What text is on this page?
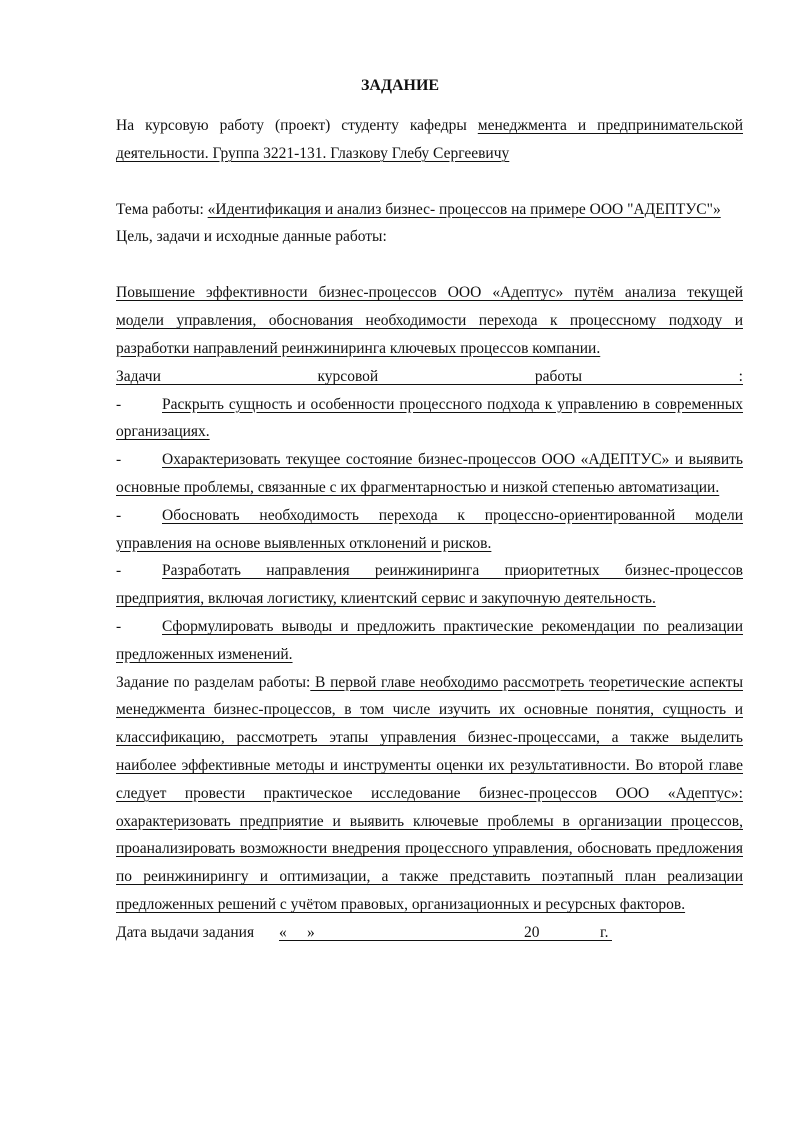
ЗАДАНИЕ

На курсовую работу (проект) студенту кафедры менеджмента и предпринимательской деятельности. Группа 3221-131. Глазкову Глебу Сергеевичу

Тема работы: «Идентификация и анализ бизнес- процессов на примере ООО "АДЕПТУС"»

Цель, задачи и исходные данные работы:

Повышение эффективности бизнес-процессов ООО «Адептус» путём анализа текущей модели управления, обоснования необходимости перехода к процессному подходу и разработки направлений реинжиниринга ключевых процессов компании.

Задачи	курсовой	работы	:

-	Раскрыть сущность и особенности процессного подхода к управлению в современных организациях.

-	Охарактеризовать текущее состояние бизнес-процессов ООО «АДЕПТУС» и выявить основные проблемы, связанные с их фрагментарностью и низкой степенью автоматизации.

-	Обосновать необходимость перехода к процессно-ориентированной модели управления на основе выявленных отклонений и рисков.

-	Разработать направления реинжиниринга приоритетных бизнес-процессов предприятия, включая логистику, клиентский сервис и закупочную деятельность.

-	Сформулировать выводы и предложить практические рекомендации по реализации предложенных изменений.

Задание по разделам работы: В первой главе необходимо рассмотреть теоретические аспекты менеджмента бизнес-процессов, в том числе изучить их основные понятия, сущность и классификацию, рассмотреть этапы управления бизнес-процессами, а также выделить наиболее эффективные методы и инструменты оценки их результативности. Во второй главе следует провести практическое исследование бизнес-процессов ООО «Адептус»: охарактеризовать предприятие и выявить ключевые проблемы в организации процессов, проанализировать возможности внедрения процессного управления, обосновать предложения по реинжинирингу и оптимизации, а также представить поэтапный план реализации предложенных решений с учётом правовых, организационных и ресурсных факторов.

Дата выдачи задания « »	20	г.
